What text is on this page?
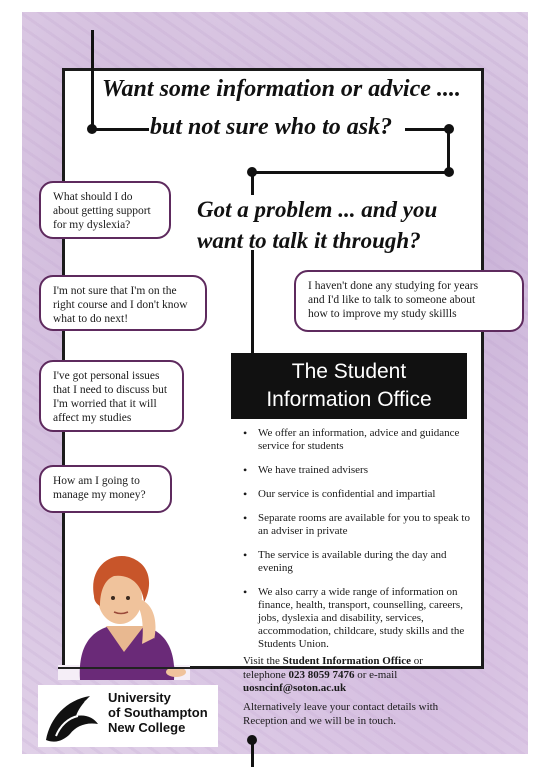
Want some information or advice ....
but not sure who to ask?
Got a problem ... and you
want to talk it through?
What should I do
about getting support
for my dyslexia?
I'm not sure that I'm on the
right course and I don't know
what to do next!
I haven't done any studying for years
and I'd like to talk to someone about
how to improve my study skillls
I've got personal issues
that I need to discuss but
I'm worried that it will
affect my studies
How am I going to
manage my money?
The Student
Information Office
• We offer an information, advice and guidance service for students
• We have trained advisers
• Our service is confidential and impartial
• Separate rooms are available for you to speak to an adviser in private
• The service is available during the day and evening
• We also carry a wide range of information on finance, health, transport, counselling, careers, jobs, dyslexia and disability, services, accommodation, childcare, study skills and the Students Union.
Visit the Student Information Office or
telephone 023 8059 7476 or e-mail
uosncinf@soton.ac.uk
Alternatively leave your contact details with
Reception and we will be in touch.
University
of Southampton
New College
